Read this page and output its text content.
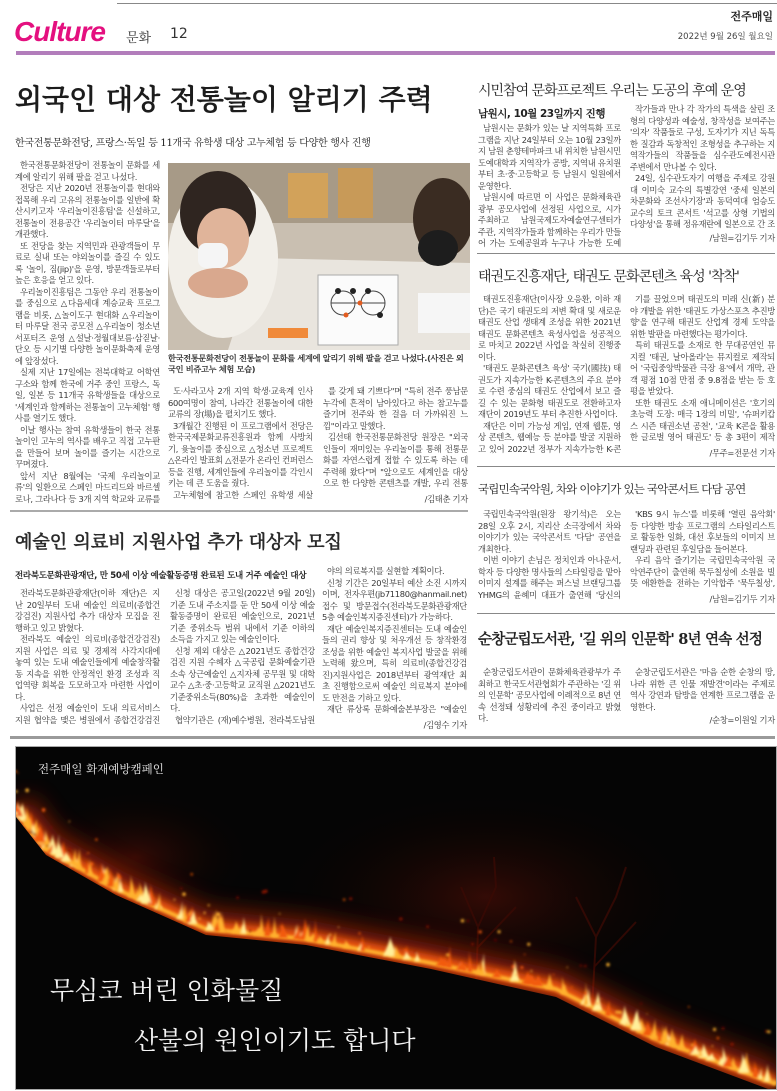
Culture 문화 12
전주매일
2022년 9월 26일 월요일
외국인 대상 전통놀이 알리기 주력
한국전통문화전당, 프랑스·독일 등 11개국 유학생 대상 고누체험 등 다양한 행사 진행

한국전통문화전당이 전통놀이 문화를 세계에 알리기 위해 팔을 걷고 나섰다.

전당은 지난 2020년 전통놀이를 현대와 접목해 우리 고유의 전통놀이를 일반에 확산시키고자 '우리놀이진흥팀'을 신설하고, 전통놀이 전용공간 '우리놀이터 마루달'을 개관했다.

또 전당을 찾는 지역민과 관광객들이 무료로 실내 또는 야외놀이를 즐길 수 있도록 '놀이, 짐(jip)'을 운영, 방문객들로부터 높은 호응을 얻고 있다.

우리놀이진흥팀은 그동안 우리 전통놀이를 중심으로 △다음세대 계승교육 프로그램을 비롯, △놀이도구 현대화 △우리놀이터 마루달 전국 공모전 △우리놀이 청소년 서포터즈 운영 △설날·정월대보름·삼짇날·단오 등 시기별 다양한 놀이문화축제 운영에 앞장섰다.

실제 지난 17일에는 전북대학교 어학연구소와 함께 한국에 거주 중인 프랑스, 독일, 일본 등 11개국 유학생들을 대상으로 '세계인과 함께하는 전통놀이 고누체험' 행사를 열기도 했다.

이날 행사는 참여 유학생들이 한국 전통 놀이인 고누의 역사를 배우고 직접 고누판을 만들어 보며 놀이를 즐기는 시간으로 꾸며졌다.

앞서 지난 8월에는 '국제 우리놀이교류'의 일환으로 스페인 마드리드와 바르셀로나, 그라나다 등 3개 지역 학교와 교류를

한국전통문화전당이 전통놀이 문화를 세계에 알리기 위해 팔을 걷고 나섰다.(사진은 외국인 비쥬고누 체험 모습)

도·사라고사 2개 지역 학생·교육계 인사 600여명이 참여, 나라간 전통놀이에 대한 교류의 장(場)을 펼치기도 했다.

3개월간 진행된 이 프로그램에서 전당은 한국국제문화교류진흥원과 함께 사방치기, 윷놀이를 중심으로 △청소년 프로젝트 △온라인 발표회 △전문가 온라인 컨퍼런스 등을 진행, 세계인들에 우리놀이를 각인시키는 데 큰 도움을 줬다.

고누체험에 참고한 스페인 유학생 세살

를 갖게 돼 기쁘다"며 "특히 전주 풍남문 누각에 흔적이 남아있다고 하는 참고누를 즐기며 전주와 한 걸음 더 가까워진 느낌"이라고 말했다.

김선태 한국전통문화전당 원장은 "외국인들이 재미있는 우리놀이를 통해 전통문화를 자연스럽게 접할 수 있도록 하는 데 주력해 왔다"며 "앞으로도 세계인을 대상으로 한 다양한 콘텐츠를 개발, 우리 전통

/김태춘 기자
예술인 의료비 지원사업 추가 대상자 모집
전라북도문화관광재단, 만 50세 이상 예술활동증명 완료된 도내 거주 예술인 대상

전라북도문화관광재단(이하 재단)은 지난 20일부터 도내 예술인 의료비(종합건강검진) 지원사업 추가 대상자 모집을 진행하고 있고 밝혔다.

전라북도 예술인 의료비(종합건강검진) 지원 사업은 의료 및 경제적 사각지대에 놓여 있는 도내 예술인들에게 예술창작활동 지속을 위한 안정적인 환경 조성과 직업역량 회복을 도모하고자 마련한 사업이다.

사업은 선정 예술인이 도내 의료서비스 지원 협약을 맺은 병원에서 종합건강검진

신청 대상은 공고일(2022년 9월 20일) 기준 도내 주소지를 둔 만 50세 이상 예술활동증명이 완료된 예술인으로, 2021년 기준 중위소득 범위 내에서 기준 이하의 소득을 가지고 있는 예술인이다.

신청 제외 대상은 △2021년도 종합건강검진 지원 수혜자 △국공립 문화예술기관 소속 상근예술인 △지자체 공무원 및 대학교수 △초·중·고등학교 교직원 △2021년도 기준중위소득(80%)을 초과한 예술인이다.

협약기관은 (재)예수병원, 전라북도남원

야의 의료복지를 실현할 계획이다.

신청 기간은 20일부터 예산 소진 시까지 이며, 전자우편(jb71180@hanmail.net)접수 및 방문접수(전라북도문화관광재단 5층 예술인복지증진센터)가 가능하다.

재단 예술인복지증진센터는 도내 예술인들의 권리 향상 및 처우개선 등 창작환경 조성을 위한 예술인 복지사업 발굴을 위해 노력해 왔으며, 특히 의료비(종합건강검진)지원사업은 2018년부터 광역재단 최초 진행함으로써 예술인 의료복지 분야에도 만전을 기하고 있다.

재단 류상록 문화예술본부장은 "예술인

/김영수 기자
시민참여 문화프로젝트 우리는 도공의 후예 운영
남원시, 10월 23일까지 진행

남원시는 문화가 있는 날 지역특화 프로그램을 지난 24일부터 오는 10월 23일까지 남원 춘향테마파크 내 위치한 남원시민도예대학과 지역작가 공방, 지역내 유치원부터 초·중·고등학교 등 남원시 일원에서 운영한다.

남원시에 따르면 이 사업은 문화체육관광부 공모사업에 선정된 사업으로, 시가 주최하고 남원국제도자예술연구센터가 주관, 지역작가들과 함께하는 우리가 만들어 가는 도예공원과 누구나 가능한 도예

작가들과 만나 각 작가의 특색을 살린 조형의 다양성과 예술성, 창작성을 보여주는 '의자' 작품들로 구성, 도자기가 지닌 독특한 질감과 독창적인 조형성을 추구하는 지역작가들의 작품들을 심수관도예전시관 주변에서 만나볼 수 있다.

24일, 심수관도자기 여행을 주제로 강원대 이미숙 교수의 특별강연 '중세 일본의 차문화와 조선사기장'과 동덕여대 엄승도 교수의 토크 콘서트 '석고를 상형 기법의 다양성'을 통해 정유재란에 일본으로 간 조

/남원=김기두 기자
태권도진흥재단, 태권도 문화콘텐츠 육성 '착착'

태권도진흥재단(이사장 오응환, 이하 재단)은 국기 태권도의 저변 확대 및 새로운 태권도 산업 생태계 조성을 위한 2021년 태권도 문화콘텐츠 육성사업을 성공적으로 마치고 2022년 사업을 착실히 진행중이다.

'태권도 문화콘텐츠 육성' 국기(國技) 태권도가 지속가능한 K-콘텐츠의 주요 분야로 수련 중심의 태권도 산업에서 보고 즐길 수 있는 문화형 태권도로 전환하고자 재단이 2019년도 부터 추진한 사업이다.

재단은 이미 가능성 게임, 연재 웹툰, 영상 콘텐츠, 웹예능 등 분야를 발굴 지원하고 있어 2022년 정부가 지속가능한 K-콘

기를 끌었으며 태권도의 미래 신(新) 분야 개발을 위한 '태권도 가상스포츠 추진방향'을 연구해 태권도 산업계 경제 도약을 위한 발판을 마련했다는 평가이다.

특히 태권도를 소재로 한 무대공연인 뮤지컬 '태권, 날아올라'는 뮤지컬로 제작되어 '국립중앙박물관 극장 용'에서 개막, 관객 평점 10점 만점 중 9.8점을 받는 등 호평을 받았다.

또한 태권도 소재 애니메이션은 '호기의 초능력 도장: 매극 1장의 비밀', '슈퍼키캅스 시즌 태권소년 공천', '교육 K콘을 활용한 글로벌 영어 태권도' 등 총 3편이 제작

/무주=전문선 기자
국립민속국악원, 차와 이야기가 있는 국악콘서트 다담 공연

국립민속국악원(원장 왕기석)은 오는 28일 오후 2시, 지리산 소극장에서 차와 이야기가 있는 국악콘서트 '다담' 공연을 개최한다.

이번 이야기 손님은 정치인과 아나운서, 학자 등 다양한 명사들의 스타일링을 맡아 이미지 설계를 해주는 퍼스널 브랜딩그룹 YHMG의 윤혜미 대표가 출연해 '당신의

'KBS 9시 뉴스'를 비롯해 '열린 음악회' 등 다양한 방송 프로그램의 스타일리스트로 활동한 일화, 대선 후보들의 이미지 브랜딩과 관련된 후일담을 들어본다.

우리 음악 즐기기는 국립민속국악원 국악연주단이 출연해 묵두칠성에 소원을 빌 뜻 애환한을 전하는 기악합주 '묵두칠성',

/남원=김기두 기자
순창군립도서관, '길 위의 인문학' 8년 연속 선정

순창군립도서관이 문화체육관광부가 주최하고 한국도서관협회가 주관하는 '길 위의 인문학' 공모사업에 이례적으로 8년 연속 선정돼 성황리에 추진 중이라고 밝혔다.

순창군립도서관은 '마음 순한 순창의 땅, 나라 위한 큰 인물 재발견'이라는 주제로 역사 강연과 탐방을 연계한 프로그램을 운영한다.

/순창=이원일 기자
전주매일 화재예방캠페인
무심코 버린 인화물질
산불의 원인이기도 합니다
